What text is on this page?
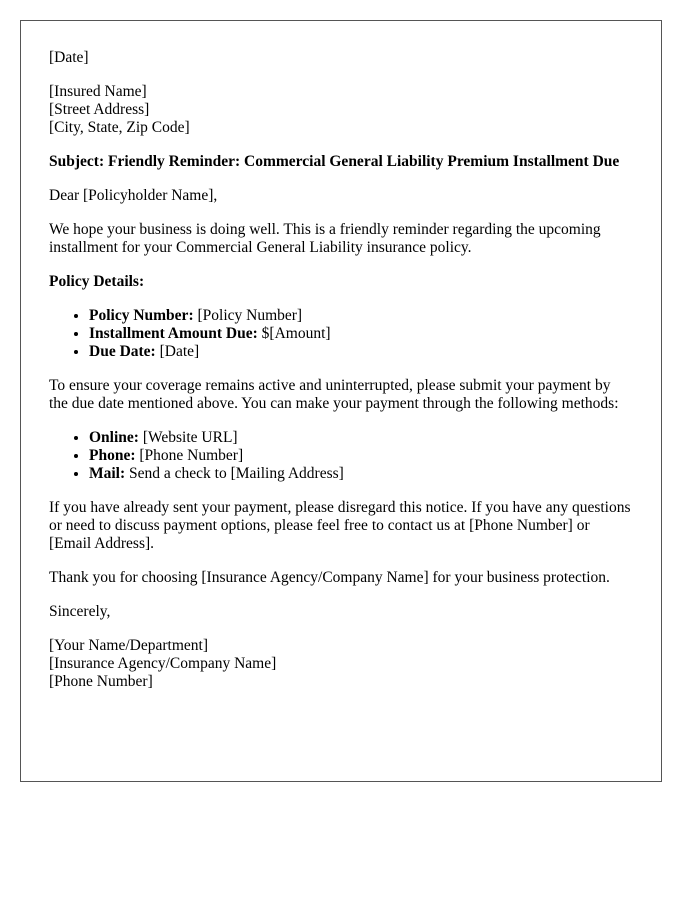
[Date]

[Insured Name]
[Street Address]
[City, State, Zip Code]

Subject: Friendly Reminder: Commercial General Liability Premium Installment Due

Dear [Policyholder Name],

We hope your business is doing well. This is a friendly reminder regarding the upcoming installment for your Commercial General Liability insurance policy.

Policy Details:

• Policy Number: [Policy Number]
• Installment Amount Due: $[Amount]
• Due Date: [Date]

To ensure your coverage remains active and uninterrupted, please submit your payment by the due date mentioned above. You can make your payment through the following methods:

• Online: [Website URL]
• Phone: [Phone Number]
• Mail: Send a check to [Mailing Address]

If you have already sent your payment, please disregard this notice. If you have any questions or need to discuss payment options, please feel free to contact us at [Phone Number] or [Email Address].

Thank you for choosing [Insurance Agency/Company Name] for your business protection.

Sincerely,

[Your Name/Department]
[Insurance Agency/Company Name]
[Phone Number]
